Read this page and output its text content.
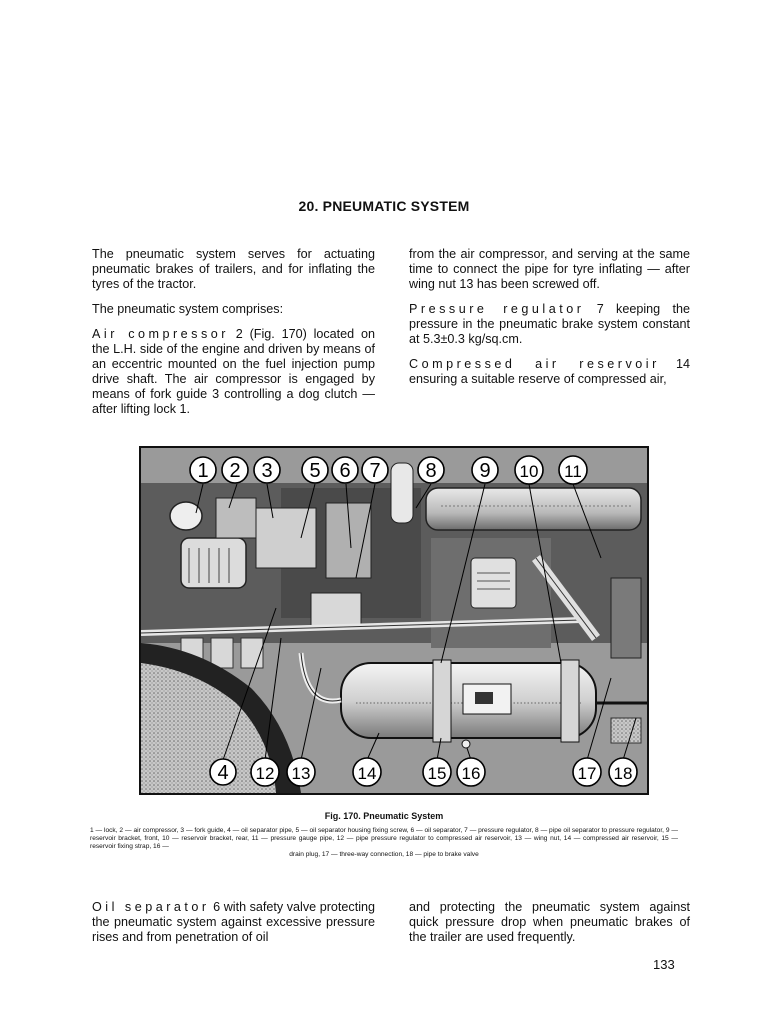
20. PNEUMATIC SYSTEM

The pneumatic system serves for actuating pneumatic brakes of trailers, and for inflating the tyres of the tractor.

The pneumatic system comprises:

Air compressor 2 (Fig. 170) located on the L.H. side of the engine and driven by means of an eccentric mounted on the fuel injection pump drive shaft. The air compressor is engaged by means of fork guide 3 controlling a dog clutch — after lifting lock 1.

from the air compressor, and serving at the same time to connect the pipe for tyre inflating — after wing nut 13 has been screwed off.

Pressure regulator 7 keeping the pressure in the pneumatic brake system constant at 5.3±0.3 kg/sq.cm.

Compressed air reservoir 14 ensuring a suitable reserve of compressed air,

1 2 3 5 6 7 8 9 10 11
4 12 13	14	15 16	17 18
Fig. 170. Pneumatic System
1 — lock, 2 — air compressor, 3 — fork guide, 4 — oil separator pipe, 5 — oil separator housing fixing screw, 6 — oil separator, 7 — pressure regulator, 8 — pipe oil separator to pressure regulator, 9 — reservoir bracket, front, 10 — reservoir bracket, rear, 11 — pressure gauge pipe, 12 — pipe pressure regulator to compressed air reservoir, 13 — wing nut, 14 — compressed air reservoir, 15 — reservoir fixing strap, 16 —
drain plug, 17 — three-way connection, 18 — pipe to brake valve

Oil separator 6 with safety valve protecting the pneumatic system against excessive pressure rises and from penetration of oil

and protecting the pneumatic system against quick pressure drop when pneumatic brakes of the trailer are used frequently.

133
